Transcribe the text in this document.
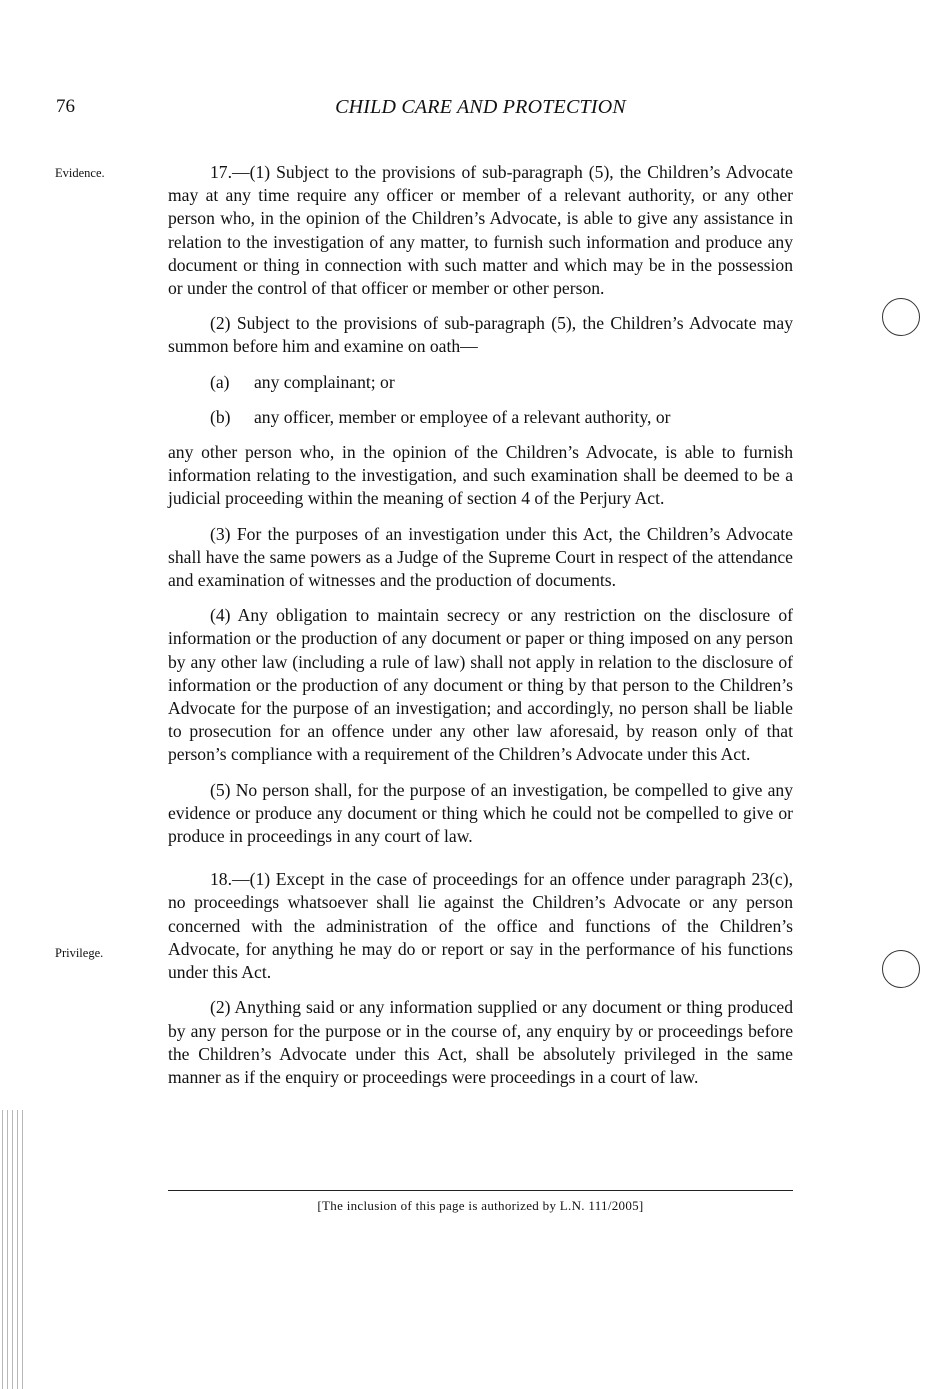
76	CHILD CARE AND PROTECTION
Evidence.
Privilege.

17.—(1) Subject to the provisions of sub-paragraph (5), the Children’s Advocate may at any time require any officer or member of a relevant authority, or any other person who, in the opinion of the Children’s Advocate, is able to give any assistance in relation to the investigation of any matter, to furnish such information and produce any document or thing in connection with such matter and which may be in the possession or under the control of that officer or member or other person.

(2) Subject to the provisions of sub-paragraph (5), the Children’s Advocate may summon before him and examine on oath—

(a) any complainant; or

(b) any officer, member or employee of a relevant authority, or

any other person who, in the opinion of the Children’s Advocate, is able to furnish information relating to the investigation, and such examination shall be deemed to be a judicial proceeding within the meaning of section 4 of the Perjury Act.

(3) For the purposes of an investigation under this Act, the Children’s Advocate shall have the same powers as a Judge of the Supreme Court in respect of the attendance and examination of witnesses and the production of documents.

(4) Any obligation to maintain secrecy or any restriction on the disclosure of information or the production of any document or paper or thing imposed on any person by any other law (including a rule of law) shall not apply in relation to the disclosure of information or the production of any document or thing by that person to the Children’s Advocate for the purpose of an investigation; and accordingly, no person shall be liable to prosecution for an offence under any other law aforesaid, by reason only of that person’s compliance with a requirement of the Children’s Advocate under this Act.

(5) No person shall, for the purpose of an investigation, be compelled to give any evidence or produce any document or thing which he could not be compelled to give or produce in proceedings in any court of law.

18.—(1) Except in the case of proceedings for an offence under paragraph 23(c), no proceedings whatsoever shall lie against the Children’s Advocate or any person concerned with the administration of the office and functions of the Children’s Advocate, for anything he may do or report or say in the performance of his functions under this Act.

(2) Anything said or any information supplied or any document or thing produced by any person for the purpose or in the course of, any enquiry by or proceedings before the Children’s Advocate under this Act, shall be absolutely privileged in the same manner as if the enquiry or proceedings were proceedings in a court of law.

[The inclusion of this page is authorized by L.N. 111/2005]
